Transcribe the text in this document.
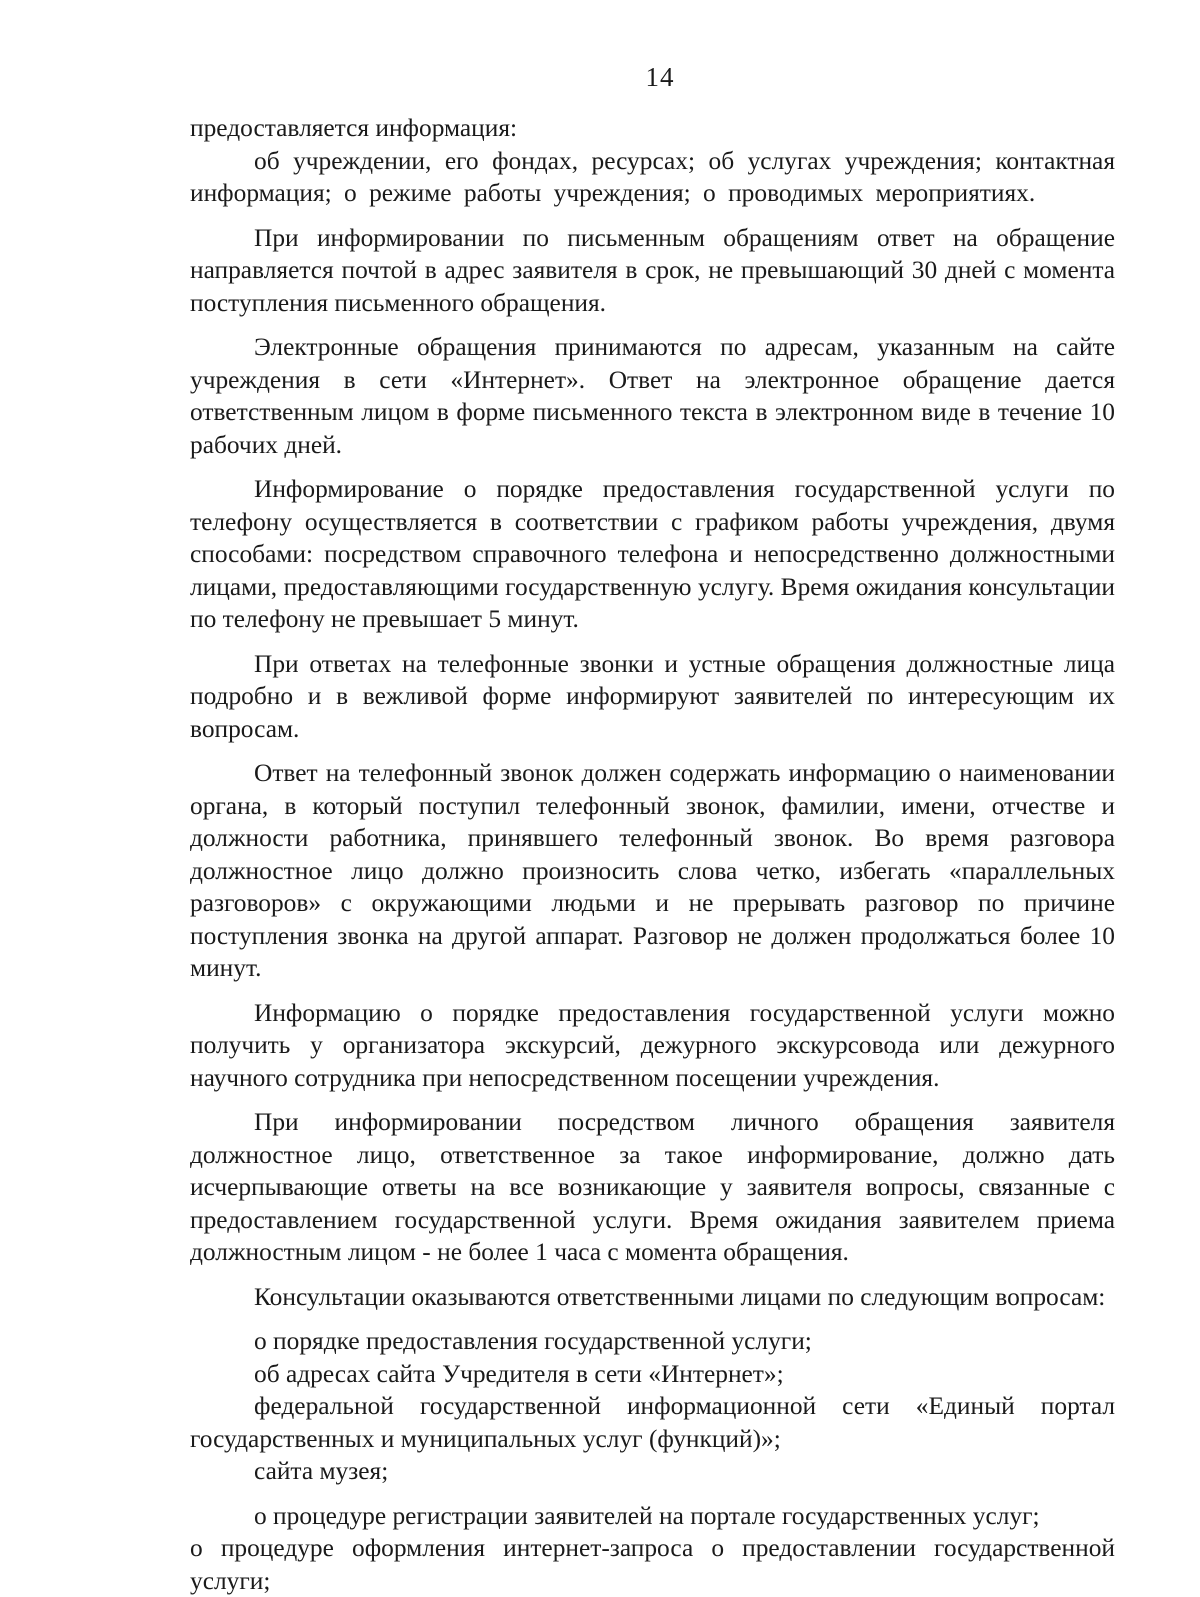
14

предоставляется информация:

об учреждении, его фондах, ресурсах; об услугах учреждения; контактная информация; о режиме работы учреждения; о проводимых мероприятиях.

При информировании по письменным обращениям ответ на обращение направляется почтой в адрес заявителя в срок, не превышающий 30 дней с момента поступления письменного обращения.

Электронные обращения принимаются по адресам, указанным на сайте учреждения в сети «Интернет». Ответ на электронное обращение дается ответственным лицом в форме письменного текста в электронном виде в течение 10 рабочих дней.

Информирование о порядке предоставления государственной услуги по телефону осуществляется в соответствии с графиком работы учреждения, двумя способами: посредством справочного телефона и непосредственно должностными лицами, предоставляющими государственную услугу. Время ожидания консультации по телефону не превышает 5 минут.

При ответах на телефонные звонки и устные обращения должностные лица подробно и в вежливой форме информируют заявителей по интересующим их вопросам.

Ответ на телефонный звонок должен содержать информацию о наименовании органа, в который поступил телефонный звонок, фамилии, имени, отчестве и должности работника, принявшего телефонный звонок. Во время разговора должностное лицо должно произносить слова четко, избегать «параллельных разговоров» с окружающими людьми и не прерывать разговор по причине поступления звонка на другой аппарат. Разговор не должен продолжаться более 10 минут.

Информацию о порядке предоставления государственной услуги можно получить у организатора экскурсий, дежурного экскурсовода или дежурного научного сотрудника при непосредственном посещении учреждения.

При информировании посредством личного обращения заявителя должностное лицо, ответственное за такое информирование, должно дать исчерпывающие ответы на все возникающие у заявителя вопросы, связанные с предоставлением государственной услуги. Время ожидания заявителем приема должностным лицом - не более 1 часа с момента обращения.

Консультации оказываются ответственными лицами по следующим вопросам:

о порядке предоставления государственной услуги;

об адресах сайта Учредителя в сети «Интернет»;

федеральной государственной информационной сети «Единый портал государственных и муниципальных услуг (функций)»;

сайта музея;

о процедуре регистрации заявителей на портале государственных услуг;

о процедуре оформления интернет-запроса о предоставлении государственной услуги;
